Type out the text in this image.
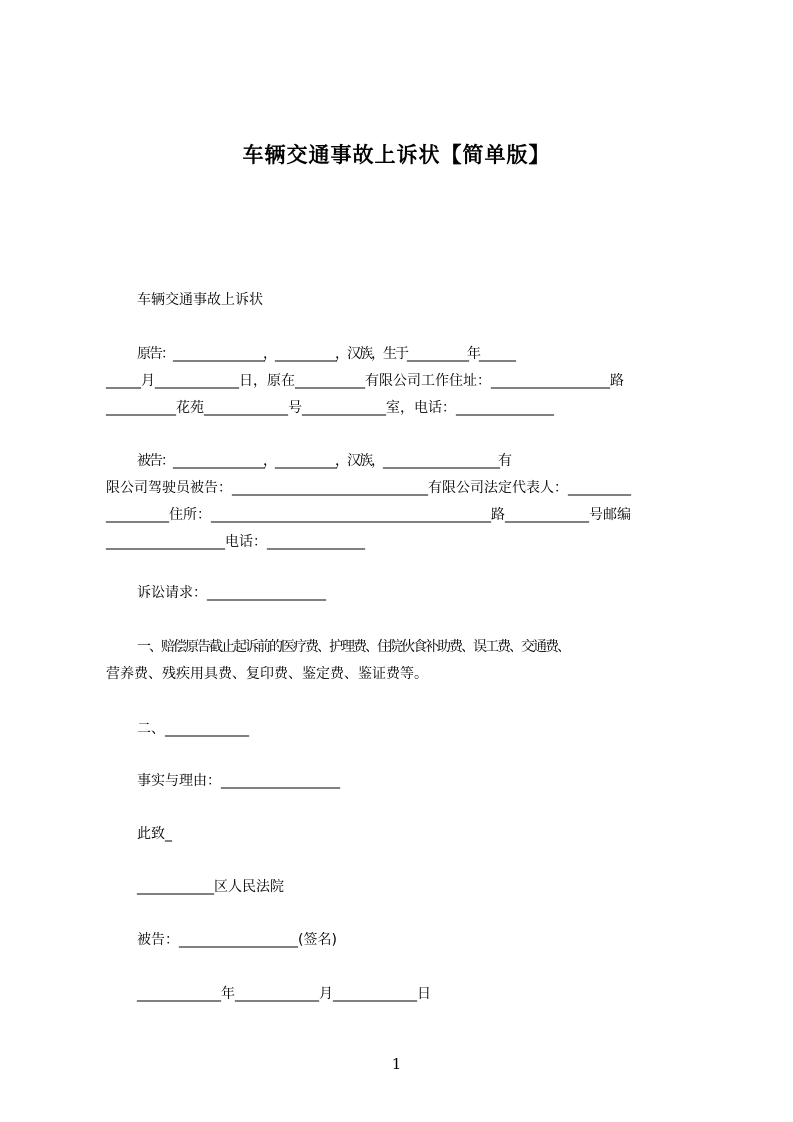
车辆交通事故上诉状【简单版】
车辆交通事故上诉状
原告：__________________，____________，汉族，生于____________年_______
_____月____________日，原在__________有限公司工作住址：_________________路
__________花苑____________号____________室，电话：______________
被告：__________________，____________，汉族，_______________________有
限公司驾驶员被告：____________________________有限公司法定代表人：_________
_________住所：________________________________________路____________号邮编
_________________电话：______________
诉讼请求：_________________
一、赔偿原告截止起诉前的医疗费、护理费、住院伙食补助费、误工费、交通费、
营养费、残疾用具费、复印费、鉴定费、鉴证费等。
二、____________
事实与理由：_________________
此致_
___________区人民法院
被告：_________________(签名)
____________年____________月____________日
1
